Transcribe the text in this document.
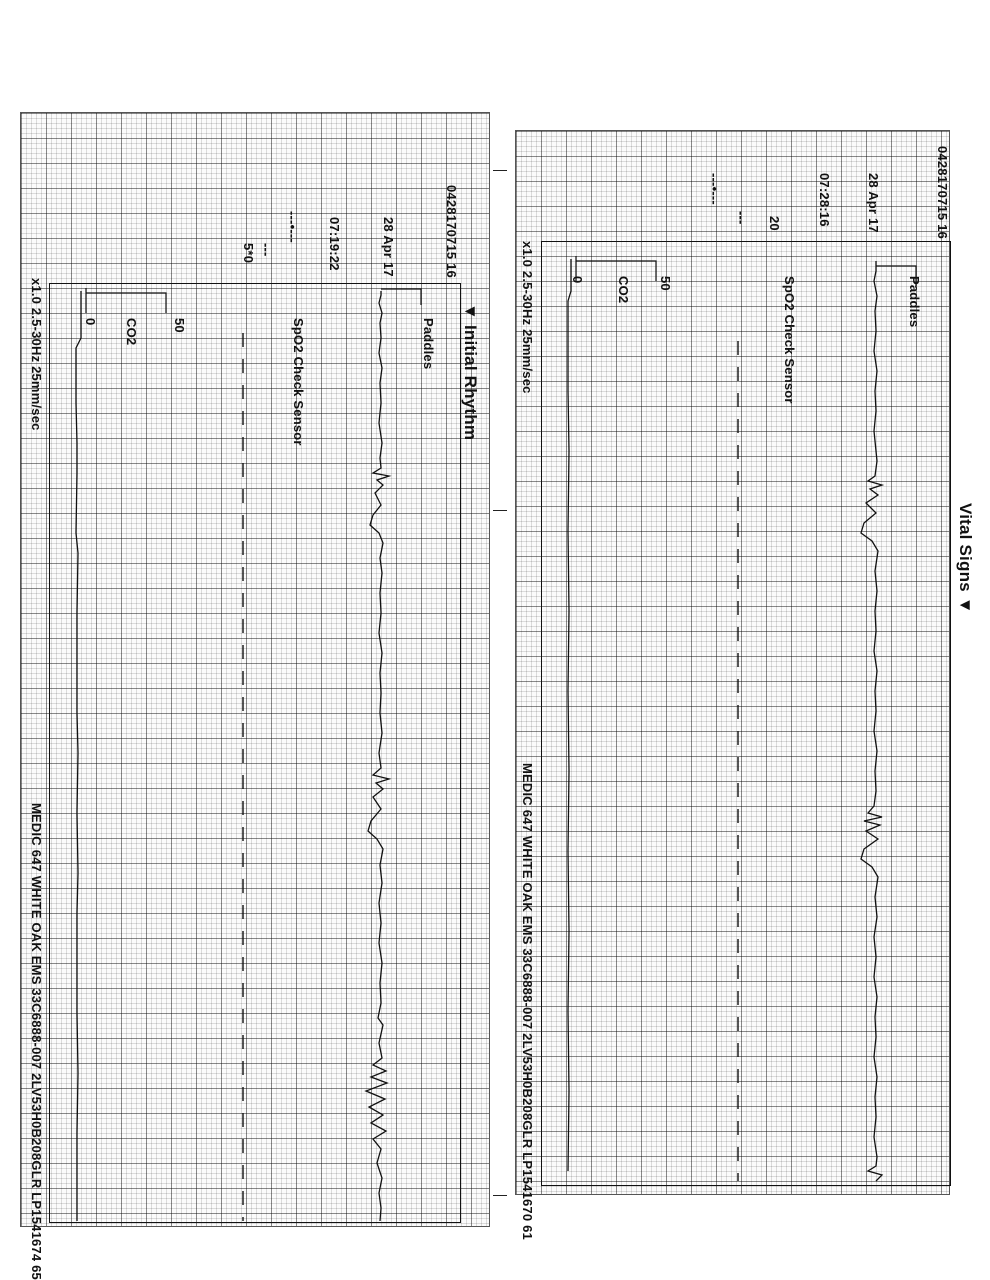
▼ Initial Rhythm
0428170715 16
28 Apr 17
07:19:22
Paddles
---•---
5*0 ---
SpO2 Check Sensor
50
CO2
0
x1.0 2.5-30Hz 25mm/sec
MEDIC 647 WHITE OAK EMS 33C6888-007 2LV53H0B208GLR LP1541674 65
Vital Signs ▼
0428170715 16
28 Apr 17
07:28:16
Paddles
20
---•---
---
SpO2 Check Sensor
50
CO2
0
x1.0 2.5-30Hz 25mm/sec
MEDIC 647 WHITE OAK EMS 33C6888-007 2LV53H0B208GLR LP1541670 61
